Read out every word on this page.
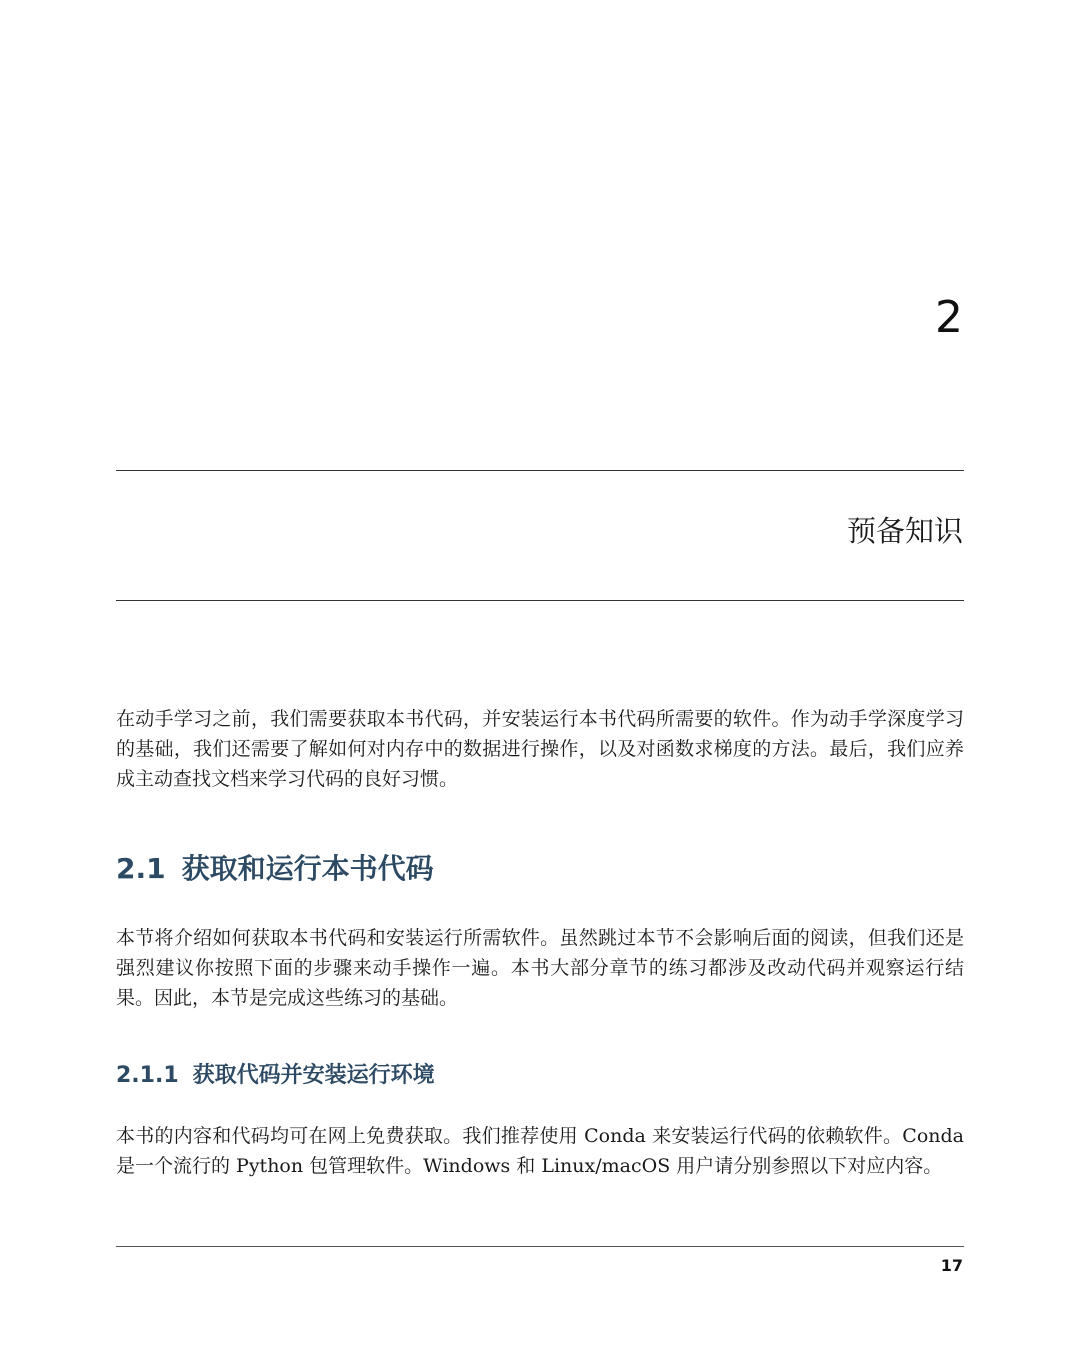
2
预备知识

在动手学习之前，我们需要获取本书代码，并安装运行本书代码所需要的软件。作为动手学深度学习的基础，我们还需要了解如何对内存中的数据进行操作，以及对函数求梯度的方法。最后，我们应养成主动查找文档来学习代码的良好习惯。

2.1 获取和运行本书代码

本节将介绍如何获取本书代码和安装运行所需软件。虽然跳过本节不会影响后面的阅读，但我们还是强烈建议你按照下面的步骤来动手操作一遍。本书大部分章节的练习都涉及改动代码并观察运行结果。因此，本节是完成这些练习的基础。

2.1.1 获取代码并安装运行环境

本书的内容和代码均可在网上免费获取。我们推荐使用 Conda 来安装运行代码的依赖软件。Conda 是一个流行的 Python 包管理软件。Windows 和 Linux/macOS 用户请分别参照以下对应内容。

17
